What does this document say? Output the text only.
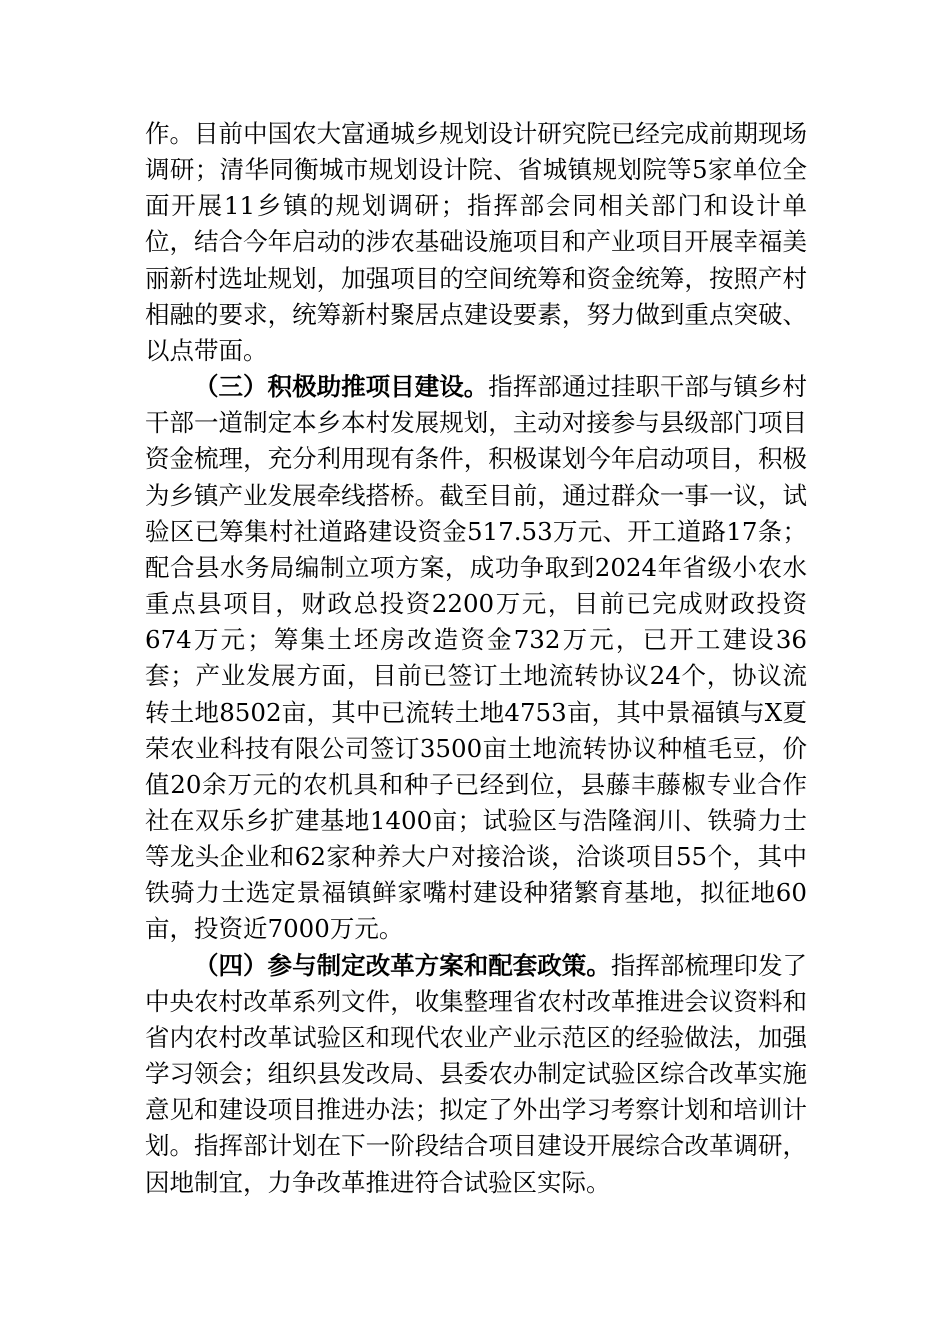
作。目前中国农大富通城乡规划设计研究院已经完成前期现场调研；清华同衡城市规划设计院、省城镇规划院等5家单位全面开展11乡镇的规划调研；指挥部会同相关部门和设计单位，结合今年启动的涉农基础设施项目和产业项目开展幸福美丽新村选址规划，加强项目的空间统筹和资金统筹，按照产村相融的要求，统筹新村聚居点建设要素，努力做到重点突破、以点带面。

（三）积极助推项目建设。指挥部通过挂职干部与镇乡村干部一道制定本乡本村发展规划，主动对接参与县级部门项目资金梳理，充分利用现有条件，积极谋划今年启动项目，积极为乡镇产业发展牵线搭桥。截至目前，通过群众一事一议，试验区已筹集村社道路建设资金517.53万元、开工道路17条；配合县水务局编制立项方案，成功争取到2024年省级小农水重点县项目，财政总投资2200万元，目前已完成财政投资674万元；筹集土坯房改造资金732万元，已开工建设36套；产业发展方面，目前已签订土地流转协议24个，协议流转土地8502亩，其中已流转土地4753亩，其中景福镇与X夏荣农业科技有限公司签订3500亩土地流转协议种植毛豆，价值20余万元的农机具和种子已经到位，县藤丰藤椒专业合作社在双乐乡扩建基地1400亩；试验区与浩隆润川、铁骑力士等龙头企业和62家种养大户对接洽谈，洽谈项目55个，其中铁骑力士选定景福镇鲜家嘴村建设种猪繁育基地，拟征地60亩，投资近7000万元。

（四）参与制定改革方案和配套政策。指挥部梳理印发了中央农村改革系列文件，收集整理省农村改革推进会议资料和省内农村改革试验区和现代农业产业示范区的经验做法，加强学习领会；组织县发改局、县委农办制定试验区综合改革实施意见和建设项目推进办法；拟定了外出学习考察计划和培训计划。指挥部计划在下一阶段结合项目建设开展综合改革调研，因地制宜，力争改革推进符合试验区实际。
